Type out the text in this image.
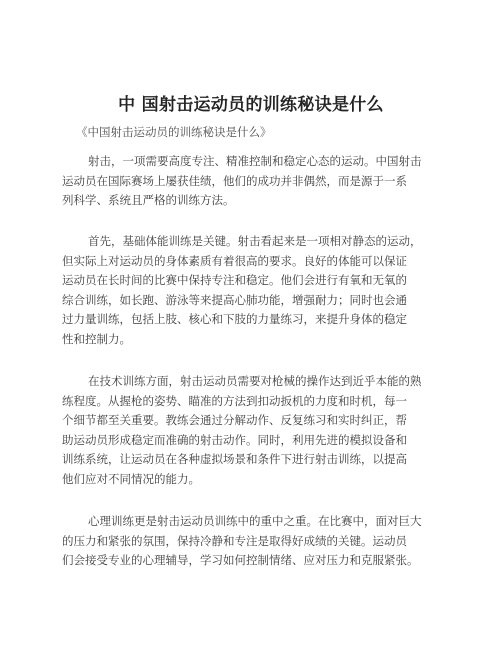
中 国射击运动员的训练秘诀是什么
《中国射击运动员的训练秘诀是什么》
射击，一项需要高度专注、精准控制和稳定心态的运动。中国射击
运动员在国际赛场上屡获佳绩，他们的成功并非偶然，而是源于一系
列科学、系统且严格的训练方法。
首先，基础体能训练是关键。射击看起来是一项相对静态的运动，
但实际上对运动员的身体素质有着很高的要求。良好的体能可以保证
运动员在长时间的比赛中保持专注和稳定。他们会进行有氧和无氧的
综合训练，如长跑、游泳等来提高心肺功能，增强耐力；同时也会通
过力量训练，包括上肢、核心和下肢的力量练习，来提升身体的稳定
性和控制力。
在技术训练方面，射击运动员需要对枪械的操作达到近乎本能的熟
练程度。从握枪的姿势、瞄准的方法到扣动扳机的力度和时机，每一
个细节都至关重要。教练会通过分解动作、反复练习和实时纠正，帮
助运动员形成稳定而准确的射击动作。同时，利用先进的模拟设备和
训练系统，让运动员在各种虚拟场景和条件下进行射击训练，以提高
他们应对不同情况的能力。
心理训练更是射击运动员训练中的重中之重。在比赛中，面对巨大
的压力和紧张的氛围，保持冷静和专注是取得好成绩的关键。运动员
们会接受专业的心理辅导，学习如何控制情绪、应对压力和克服紧张。
